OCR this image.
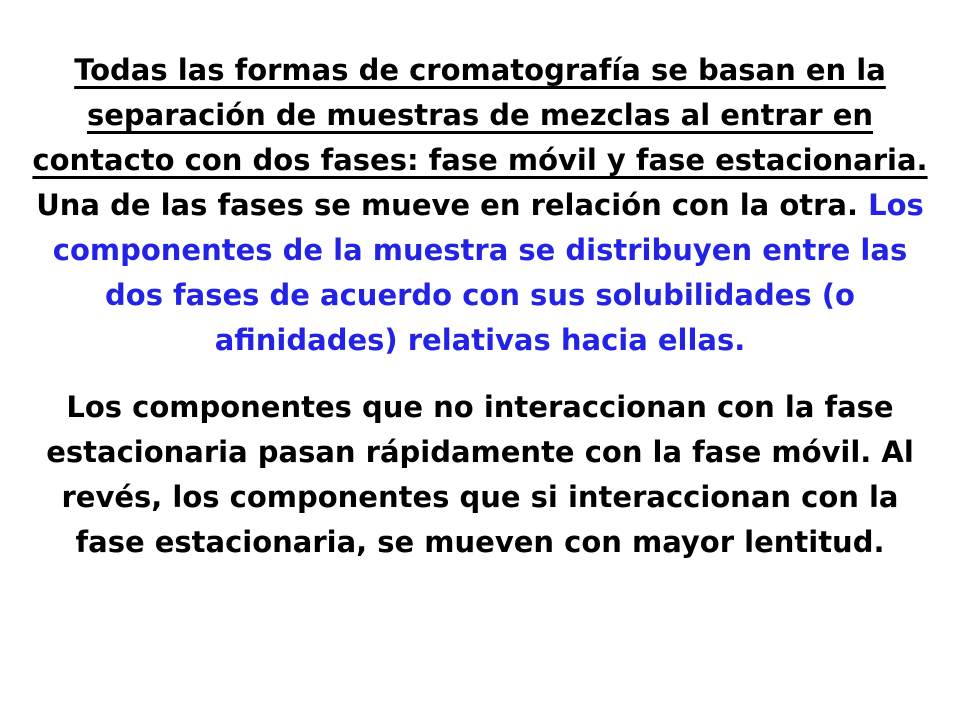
Todas las formas de cromatografía se basan en la separación de muestras de mezclas al entrar en contacto con dos fases: fase móvil y fase estacionaria. Una de las fases se mueve en relación con la otra. Los componentes de la muestra se distribuyen entre las dos fases de acuerdo con sus solubilidades (o afinidades) relativas hacia ellas.

Los componentes que no interaccionan con la fase estacionaria pasan rápidamente con la fase móvil. Al revés, los componentes que si interaccionan con la fase estacionaria, se mueven con mayor lentitud.
